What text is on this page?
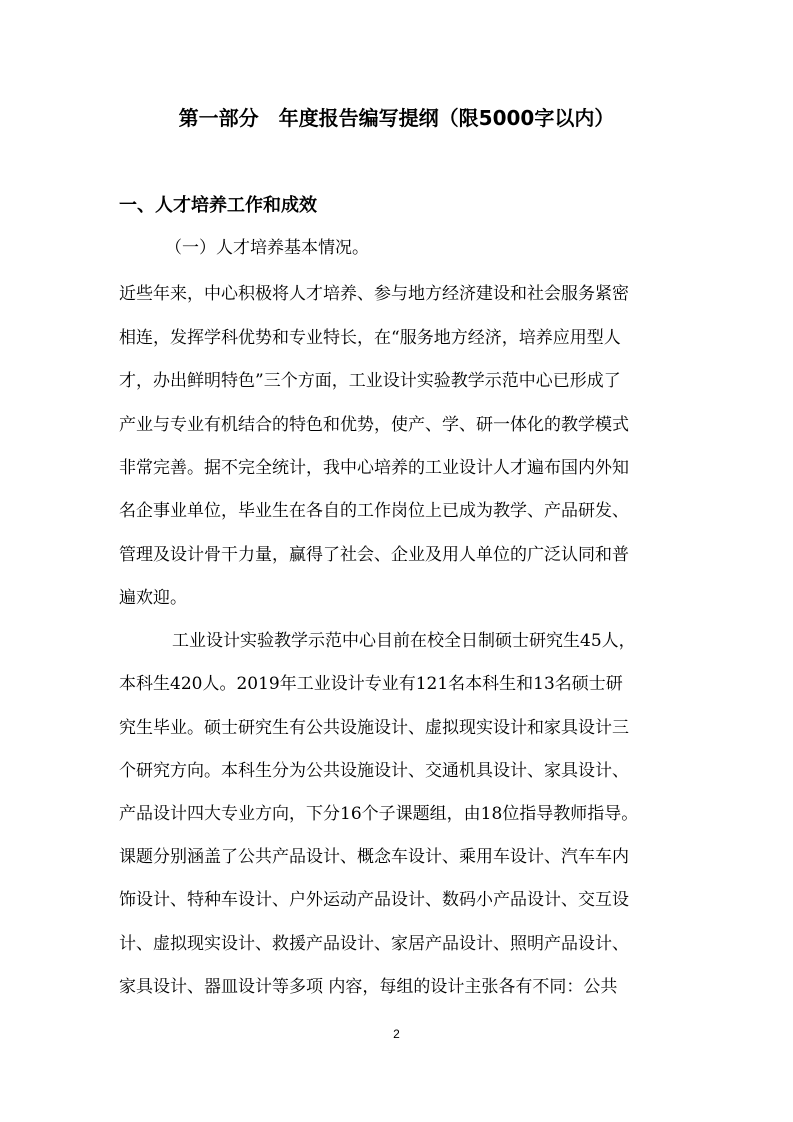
第一部分　年度报告编写提纲（限5000字以内）
一、人才培养工作和成效
（一）人才培养基本情况。
近些年来，中心积极将人才培养、参与地方经济建设和社会服务紧密
相连，发挥学科优势和专业特长，在“服务地方经济，培养应用型人
才，办出鲜明特色”三个方面，工业设计实验教学示范中心已形成了
产业与专业有机结合的特色和优势，使产、学、研一体化的教学模式
非常完善。据不完全统计，我中心培养的工业设计人才遍布国内外知
名企事业单位，毕业生在各自的工作岗位上已成为教学、产品研发、
管理及设计骨干力量，赢得了社会、企业及用人单位的广泛认同和普
遍欢迎。
工业设计实验教学示范中心目前在校全日制硕士研究生45人，
本科生420人。2019年工业设计专业有121名本科生和13名硕士研
究生毕业。硕士研究生有公共设施设计、虚拟现实设计和家具设计三
个研究方向。本科生分为公共设施设计、交通机具设计、家具设计、
产品设计四大专业方向，下分16个子课题组，由18位指导教师指导。
课题分别涵盖了公共产品设计、概念车设计、乘用车设计、汽车车内
饰设计、特种车设计、户外运动产品设计、数码小产品设计、交互设
计、虚拟现实设计、救援产品设计、家居产品设计、照明产品设计、
家具设计、器皿设计等多项 内容，每组的设计主张各有不同：公共
2
